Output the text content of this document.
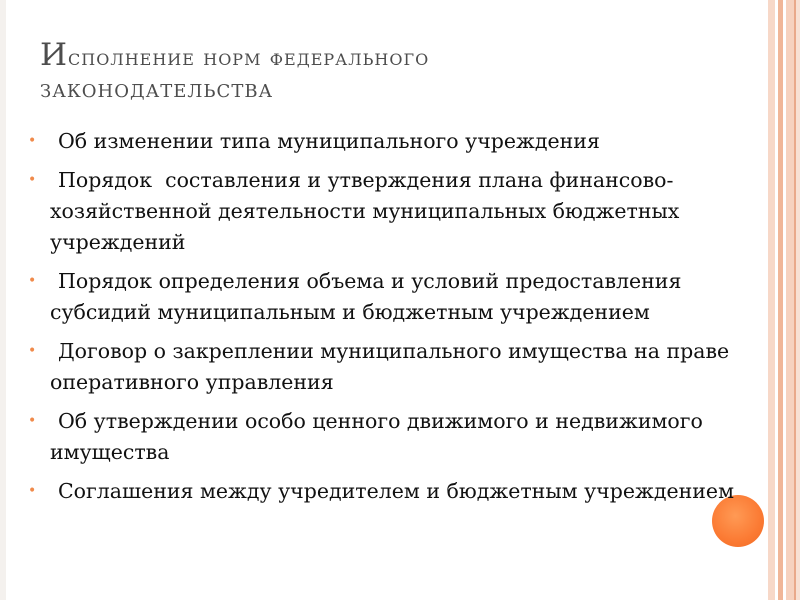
Исполнение норм федерального
ЗАКОНОДАТЕЛЬСТВА
•	Об изменении типа муниципального учреждения
•	Порядок  составления и утверждения плана финансово-хозяйственной деятельности муниципальных бюджетных учреждений
•	Порядок определения объема и условий предоставления субсидий муниципальным и бюджетным учреждением
•	Договор о закреплении муниципального имущества на праве оперативного управления
•	Об утверждении особо ценного движимого и недвижимого имущества
•	Соглашения между учредителем и бюджетным учреждением
